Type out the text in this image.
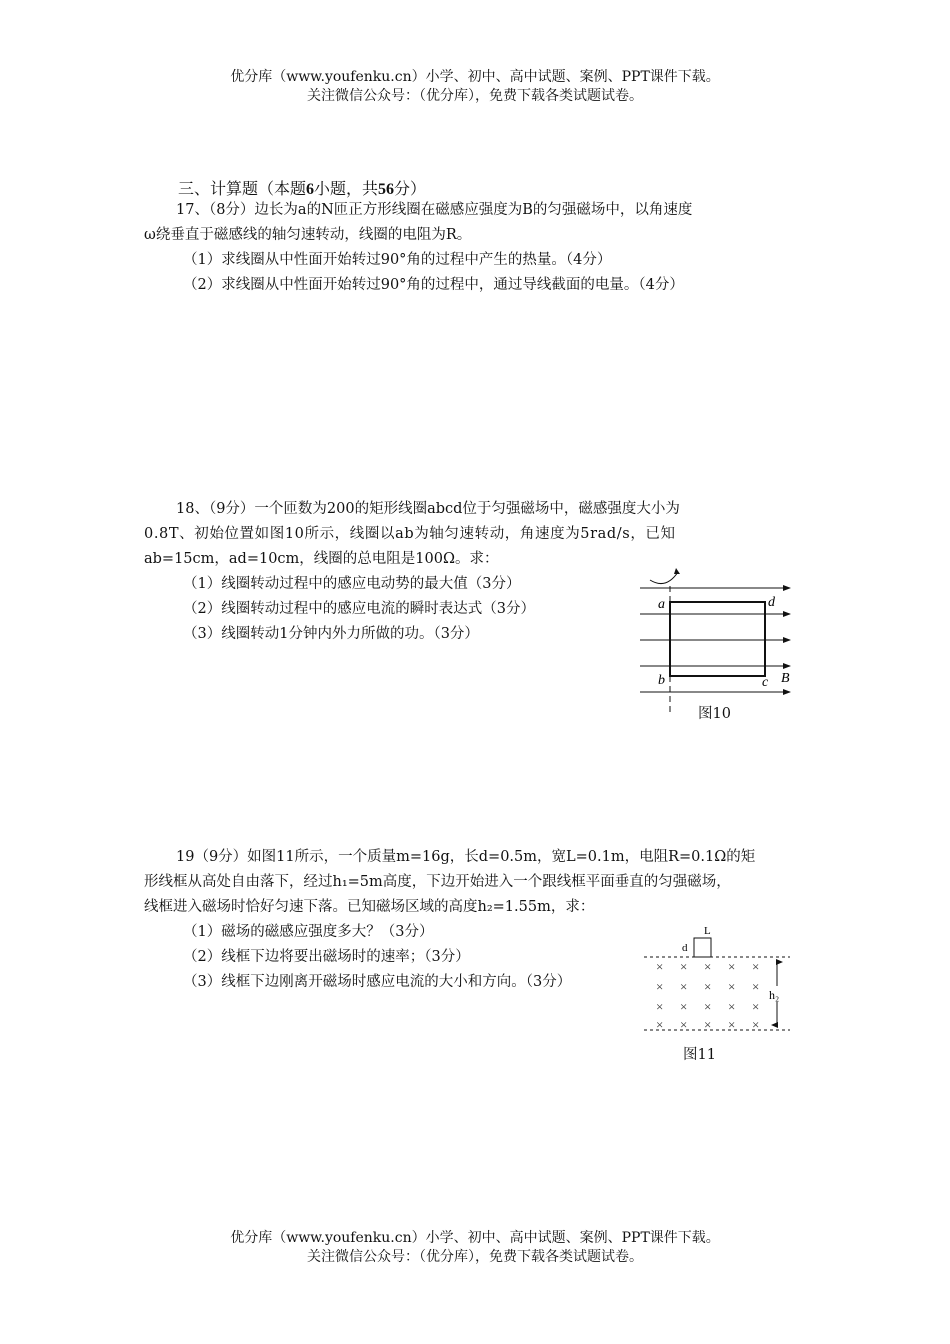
优分库（www.youfenku.cn）小学、初中、高中试题、案例、PPT课件下载。
关注微信公众号：（优分库），免费下载各类试题试卷。
三、计算题（本题6小题，共56分）
17、（8分）边长为a的N匝正方形线圈在磁感应强度为B的匀强磁场中，以角速度
ω绕垂直于磁感线的轴匀速转动，线圈的电阻为R。
（1）求线圈从中性面开始转过90°角的过程中产生的热量。（4分）
（2）求线圈从中性面开始转过90°角的过程中，通过导线截面的电量。（4分）
18、（9分）一个匝数为200的矩形线圈abcd位于匀强磁场中，磁感强度大小为
0.8T、初始位置如图10所示，线圈以ab为轴匀速转动，角速度为5rad/s，已知
ab=15cm，ad=10cm，线圈的总电阻是100Ω。求：
（1）线圈转动过程中的感应电动势的最大值（3分）
（2）线圈转动过程中的感应电流的瞬时表达式（3分）
（3）线圈转动1分钟内外力所做的功。（3分）
a	d
b	c B
图10
19（9分）如图11所示，一个质量m=16g，长d=0.5m，宽L=0.1m，电阻R=0.1Ω的矩
形线框从高处自由落下，经过h₁=5m高度，下边开始进入一个跟线框平面垂直的匀强磁场，
线框进入磁场时恰好匀速下落。已知磁场区域的高度h₂=1.55m，求：
（1）磁场的磁感应强度多大？（3分）
（2）线框下边将要出磁场时的速率；（3分）
（3）线框下边刚离开磁场时感应电流的大小和方向。（3分）
L
d
× × × × ×
× × × × ×
× × × × ×
× × × × ×
h₂
图11
优分库（www.youfenku.cn）小学、初中、高中试题、案例、PPT课件下载。
关注微信公众号：（优分库），免费下载各类试题试卷。
